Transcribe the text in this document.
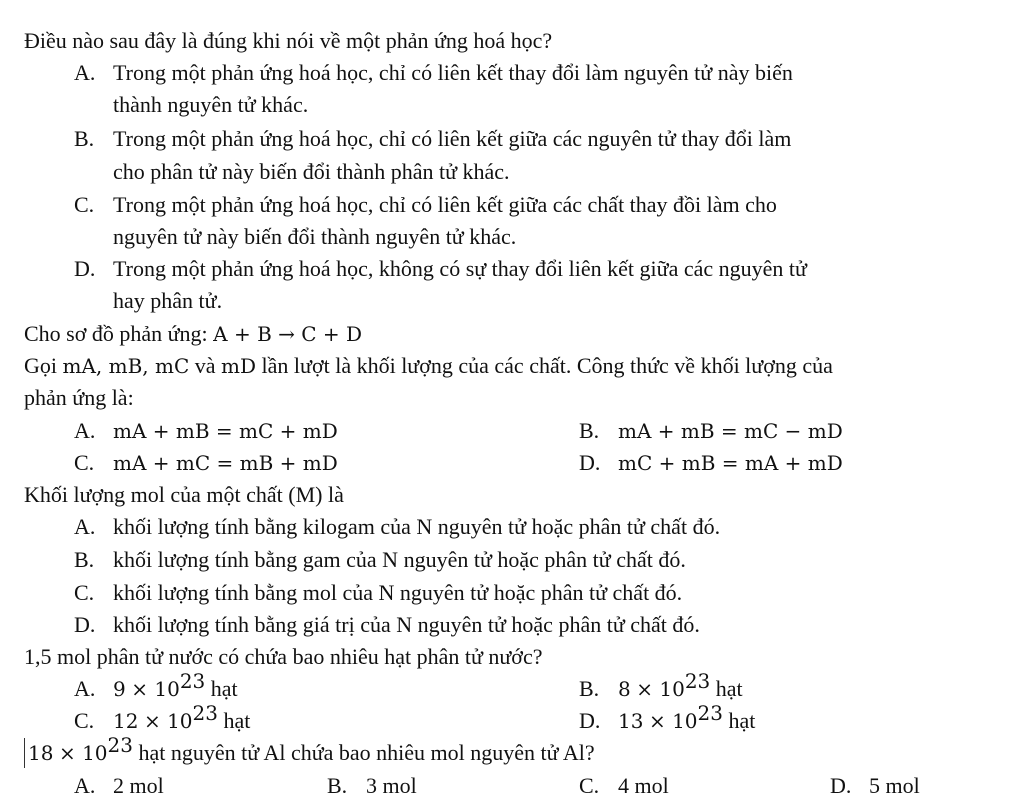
Điều nào sau đây là đúng khi nói về một phản ứng hoá học?
A. Trong một phản ứng hoá học, chỉ có liên kết thay đổi làm nguyên tử này biến
thành nguyên tử khác.
B. Trong một phản ứng hoá học, chỉ có liên kết giữa các nguyên tử thay đổi làm
cho phân tử này biến đổi thành phân tử khác.
C. Trong một phản ứng hoá học, chỉ có liên kết giữa các chất thay đồi làm cho
nguyên tử này biến đổi thành nguyên tử khác.
D. Trong một phản ứng hoá học, không có sự thay đổi liên kết giữa các nguyên tử
hay phân tử.
Cho sơ đồ phản ứng: A + B → C + D
Gọi mA, mB, mC và mD lần lượt là khối lượng của các chất. Công thức về khối lượng của
phản ứng là:
A. mA + mB = mC + mD	B. mA + mB = mC − mD
C. mA + mC = mB + mD	D. mC + mB = mA + mD
Khối lượng mol của một chất (M) là
A. khối lượng tính bằng kilogam của N nguyên tử hoặc phân tử chất đó.
B. khối lượng tính bằng gam của N nguyên tử hoặc phân tử chất đó.
C. khối lượng tính bằng mol của N nguyên tử hoặc phân tử chất đó.
D. khối lượng tính bằng giá trị của N nguyên tử hoặc phân tử chất đó.
1,5 mol phân tử nước có chứa bao nhiêu hạt phân tử nước?
A. $9 \times 10^{23}$ hạt	B. $8 \times 10^{23}$ hạt
C. $12 \times 10^{23}$ hạt	D. $13 \times 10^{23}$ hạt
$18 \times 10^{23}$ hạt nguyên tử Al chứa bao nhiêu mol nguyên tử Al?
A. 2 mol	B. 3 mol	C. 4 mol	D. 5 mol
